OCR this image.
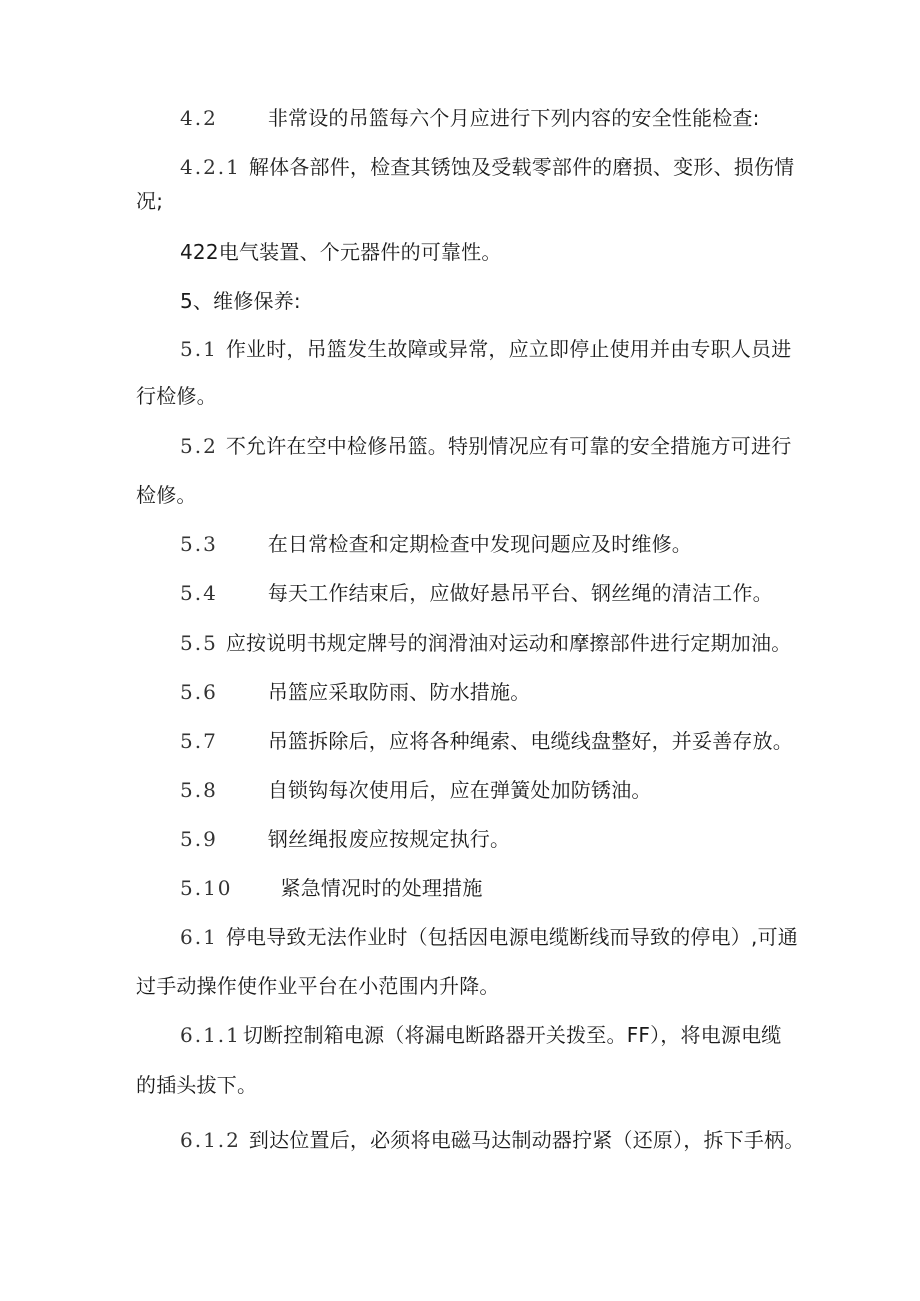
4.2	非常设的吊篮每六个月应进行下列内容的安全性能检查:
4.2.1 解体各部件，检查其锈蚀及受载零部件的磨损、变形、损伤情
况;
422电气装置、个元器件的可靠性。
5、维修保养:
5.1 作业时，吊篮发生故障或异常，应立即停止使用并由专职人员进
行检修。
5.2 不允许在空中检修吊篮。特别情况应有可靠的安全措施方可进行
检修。
5.3	在日常检查和定期检查中发现问题应及时维修。
5.4	每天工作结束后，应做好悬吊平台、钢丝绳的清洁工作。
5.5 应按说明书规定牌号的润滑油对运动和摩擦部件进行定期加油。
5.6	吊篮应采取防雨、防水措施。
5.7	吊篮拆除后，应将各种绳索、电缆线盘整好，并妥善存放。
5.8	自锁钩每次使用后，应在弹簧处加防锈油。
5.9	钢丝绳报废应按规定执行。
5.10 紧急情况时的处理措施
6.1 停电导致无法作业时（包括因电源电缆断线而导致的停电）,可通
过手动操作使作业平台在小范围内升降。
6.1.1 切断控制箱电源（将漏电断路器开关拨至。FF），将电源电缆
的插头拔下。
6.1.2 到达位置后，必须将电磁马达制动器拧紧（还原），拆下手柄。
